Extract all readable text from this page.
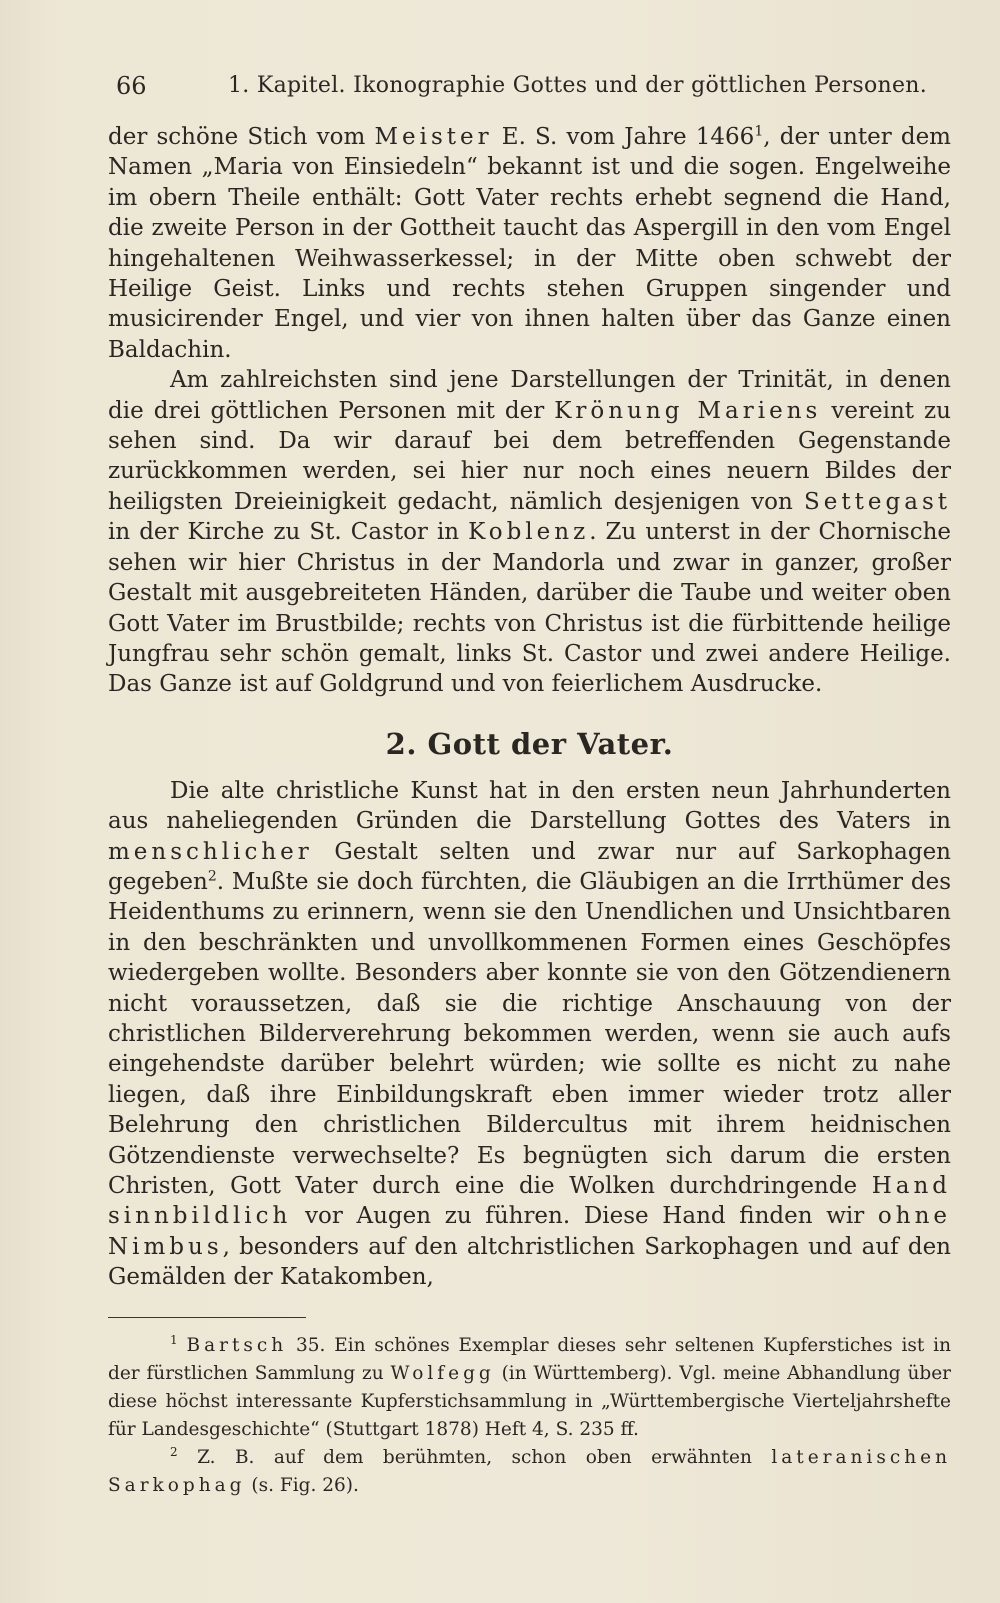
66	1. Kapitel. Ikonographie Gottes und der göttlichen Personen.

der schöne Stich vom Meister E. S. vom Jahre 1466$^1$, der unter dem Namen „Maria von Einsiedeln“ bekannt ist und die sogen. Engelweihe im obern Theile enthält: Gott Vater rechts erhebt segnend die Hand, die zweite Person in der Gottheit taucht das Aspergill in den vom Engel hingehaltenen Weihwasserkessel; in der Mitte oben schwebt der Heilige Geist. Links und rechts stehen Gruppen singender und musicirender Engel, und vier von ihnen halten über das Ganze einen Baldachin.

Am zahlreichsten sind jene Darstellungen der Trinität, in denen die drei göttlichen Personen mit der Krönung Mariens vereint zu sehen sind. Da wir darauf bei dem betreffenden Gegenstande zurückkommen werden, sei hier nur noch eines neuern Bildes der heiligsten Dreieinigkeit gedacht, nämlich desjenigen von Settegast in der Kirche zu St. Castor in Koblenz. Zu unterst in der Chornische sehen wir hier Christus in der Mandorla und zwar in ganzer, großer Gestalt mit ausgebreiteten Händen, darüber die Taube und weiter oben Gott Vater im Brustbilde; rechts von Christus ist die fürbittende heilige Jungfrau sehr schön gemalt, links St. Castor und zwei andere Heilige. Das Ganze ist auf Goldgrund und von feierlichem Ausdrucke.

2. Gott der Vater.

Die alte christliche Kunst hat in den ersten neun Jahrhunderten aus naheliegenden Gründen die Darstellung Gottes des Vaters in menschlicher Gestalt selten und zwar nur auf Sarkophagen gegeben$^2$. Mußte sie doch fürchten, die Gläubigen an die Irrthümer des Heidenthums zu erinnern, wenn sie den Unendlichen und Unsichtbaren in den beschränkten und unvollkommenen Formen eines Geschöpfes wiedergeben wollte. Besonders aber konnte sie von den Götzendienern nicht voraussetzen, daß sie die richtige Anschauung von der christlichen Bilderverehrung bekommen werden, wenn sie auch aufs eingehendste darüber belehrt würden; wie sollte es nicht zu nahe liegen, daß ihre Einbildungskraft eben immer wieder trotz aller Belehrung den christlichen Bildercultus mit ihrem heidnischen Götzendienste verwechselte? Es begnügten sich darum die ersten Christen, Gott Vater durch eine die Wolken durchdringende Hand sinnbildlich vor Augen zu führen. Diese Hand finden wir ohne Nimbus, besonders auf den altchristlichen Sarkophagen und auf den Gemälden der Katakomben,

$^1$ Bartsch 35. Ein schönes Exemplar dieses sehr seltenen Kupferstiches ist in der fürstlichen Sammlung zu Wolfegg (in Württemberg). Vgl. meine Abhandlung über diese höchst interessante Kupferstichsammlung in „Württembergische Vierteljahrshefte für Landesgeschichte“ (Stuttgart 1878) Heft 4, S. 235 ff.

$^2$ Z. B. auf dem berühmten, schon oben erwähnten lateranischen Sarkophag (s. Fig. 26).
